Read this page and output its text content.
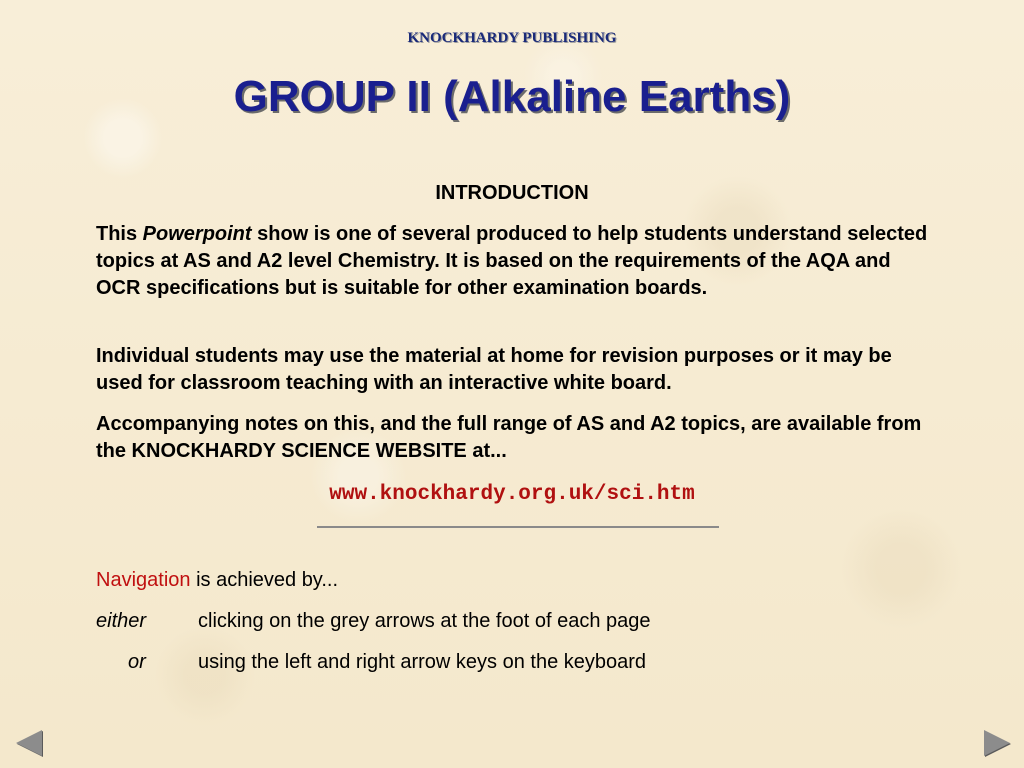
KNOCKHARDY PUBLISHING
GROUP II (Alkaline Earths)
INTRODUCTION
This Powerpoint show is one of several produced to help students understand selected topics at AS and A2 level Chemistry. It is based on the requirements of the AQA and OCR specifications but is suitable for other examination boards.
Individual students may use the material at home for revision purposes or it may be used for classroom teaching with an interactive white board.
Accompanying notes on this, and the full range of AS and A2 topics, are available from the KNOCKHARDY SCIENCE WEBSITE at...
www.knockhardy.org.uk/sci.htm
Navigation is achieved by...
either	clicking on the grey arrows at the foot of each page
or	using the left and right arrow keys on the keyboard
